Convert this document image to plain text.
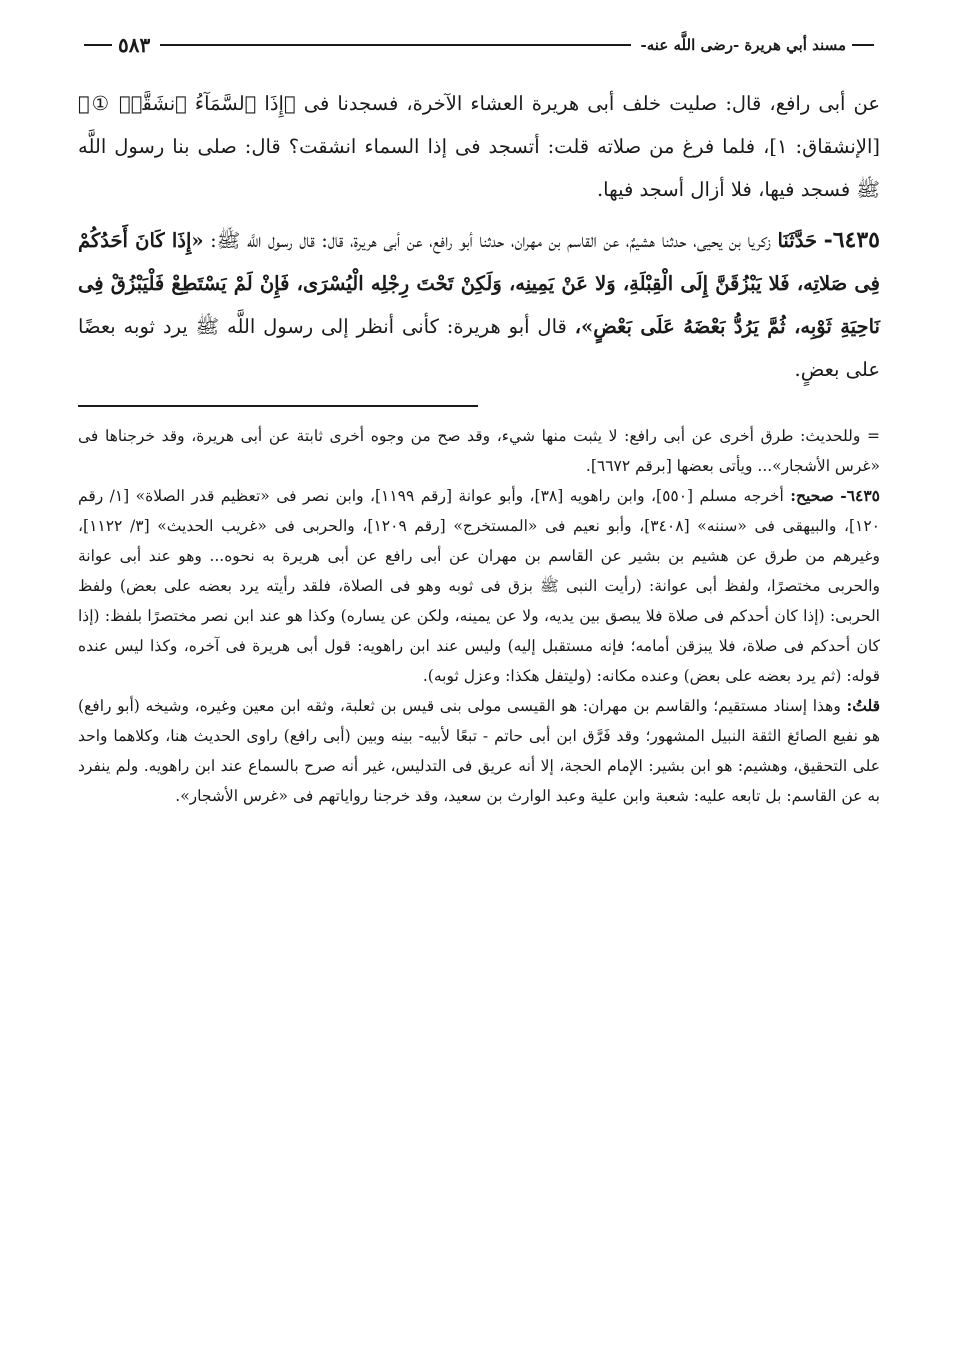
مسند أبي هريرة -رضى اللَّه عنه-
٥٨٣

عن أبى رافع، قال: صليت خلف أبى هريرة العشاء الآخرة، فسجدنا فى ﴿إِذَا ٱلسَّمَآءُ ٱنشَقَّتۡ ①﴾ [الإنشقاق: ١]، فلما فرغ من صلاته قلت: أتسجد فى إذا السماء انشقت؟ قال: صلى بنا رسول اللَّه ﷺ فسجد فيها، فلا أزال أسجد فيها.

٦٤٣٥- حَدَّثَنَا زكريا بن يحيى، حدثنا هشيمٌ، عن القاسم بن مهران، حدثنا أبو رافع، عن أبى هريرة، قال: قال رسول اللَّه ﷺ: «إِذَا كَانَ أَحَدُكُمْ فِى صَلاتِه، فَلا يَبْزُقَنَّ إِلَى الْقِبْلَةِ، وَلا عَنْ يَمِينِه، وَلَكِنْ تَحْتَ رِجْلِه الْيُسْرَى، فَإِنْ لَمْ يَسْتَطِعْ فَلْيَبْزُقْ فِى نَاحِيَةِ ثَوْبِه، ثُمَّ يَرُدُّ بَعْضَهُ عَلَى بَعْضٍ»، قال أبو هريرة: كأنى أنظر إلى رسول اللَّه ﷺ يرد ثوبه بعضًا على بعضٍ.

= وللحديث: طرق أخرى عن أبى رافع: لا يثبت منها شيء، وقد صح من وجوه أخرى ثابتة عن أبى هريرة، وقد خرجناها فى «غرس الأشجار»... ويأتى بعضها [برقم ٦٦٧٢].

٦٤٣٥- صحيح: أخرجه مسلم [٥٥٠]، وابن راهويه [٣٨]، وأبو عوانة [رقم ١١٩٩]، وابن نصر فى «تعظيم قدر الصلاة» [١/ رقم ١٢٠]، والبيهقى فى «سننه» [٣٤٠٨]، وأبو نعيم فى «المستخرج» [رقم ١٢٠٩]، والحربى فى «غريب الحديث» [٣/ ١١٢٢]، وغيرهم من طرق عن هشيم بن بشير عن القاسم بن مهران عن أبى رافع عن أبى هريرة به نحوه... وهو عند أبى عوانة والحربى مختصرًا، ولفظ أبى عوانة: (رأيت النبى ﷺ بزق فى ثوبه وهو فى الصلاة، فلقد رأيته يرد بعضه على بعض) ولفظ الحربى: (إذا كان أحدكم فى صلاة فلا يبصق بين يديه، ولا عن يمينه، ولكن عن يساره) وكذا هو عند ابن نصر مختصرًا بلفظ: (إذا كان أحدكم فى صلاة، فلا يبزقن أمامه؛ فإنه مستقبل إليه) وليس عند ابن راهويه: قول أبى هريرة فى آخره، وكذا ليس عنده قوله: (ثم يرد بعضه على بعض) وعنده مكانه: (وليتفل هكذا: وعزل ثوبه).

قلتُ: وهذا إسناد مستقيم؛ والقاسم بن مهران: هو القيسى مولى بنى قيس بن ثعلبة، وثقه ابن معين وغيره، وشيخه (أبو رافع) هو نفيع الصائغ الثقة النبيل المشهور؛ وقد فَرَّق ابن أبى حاتم - تبعًا لأبيه- بينه وبين (أبى رافع) راوى الحديث هنا، وكلاهما واحد على التحقيق، وهشيم: هو ابن بشير: الإمام الحجة، إلا أنه عريق فى التدليس، غير أنه صرح بالسماع عند ابن راهويه. ولم ينفرد به عن القاسم: بل تابعه عليه: شعبة وابن علية وعبد الوارث بن سعيد، وقد خرجنا رواياتهم فى «غرس الأشجار».
